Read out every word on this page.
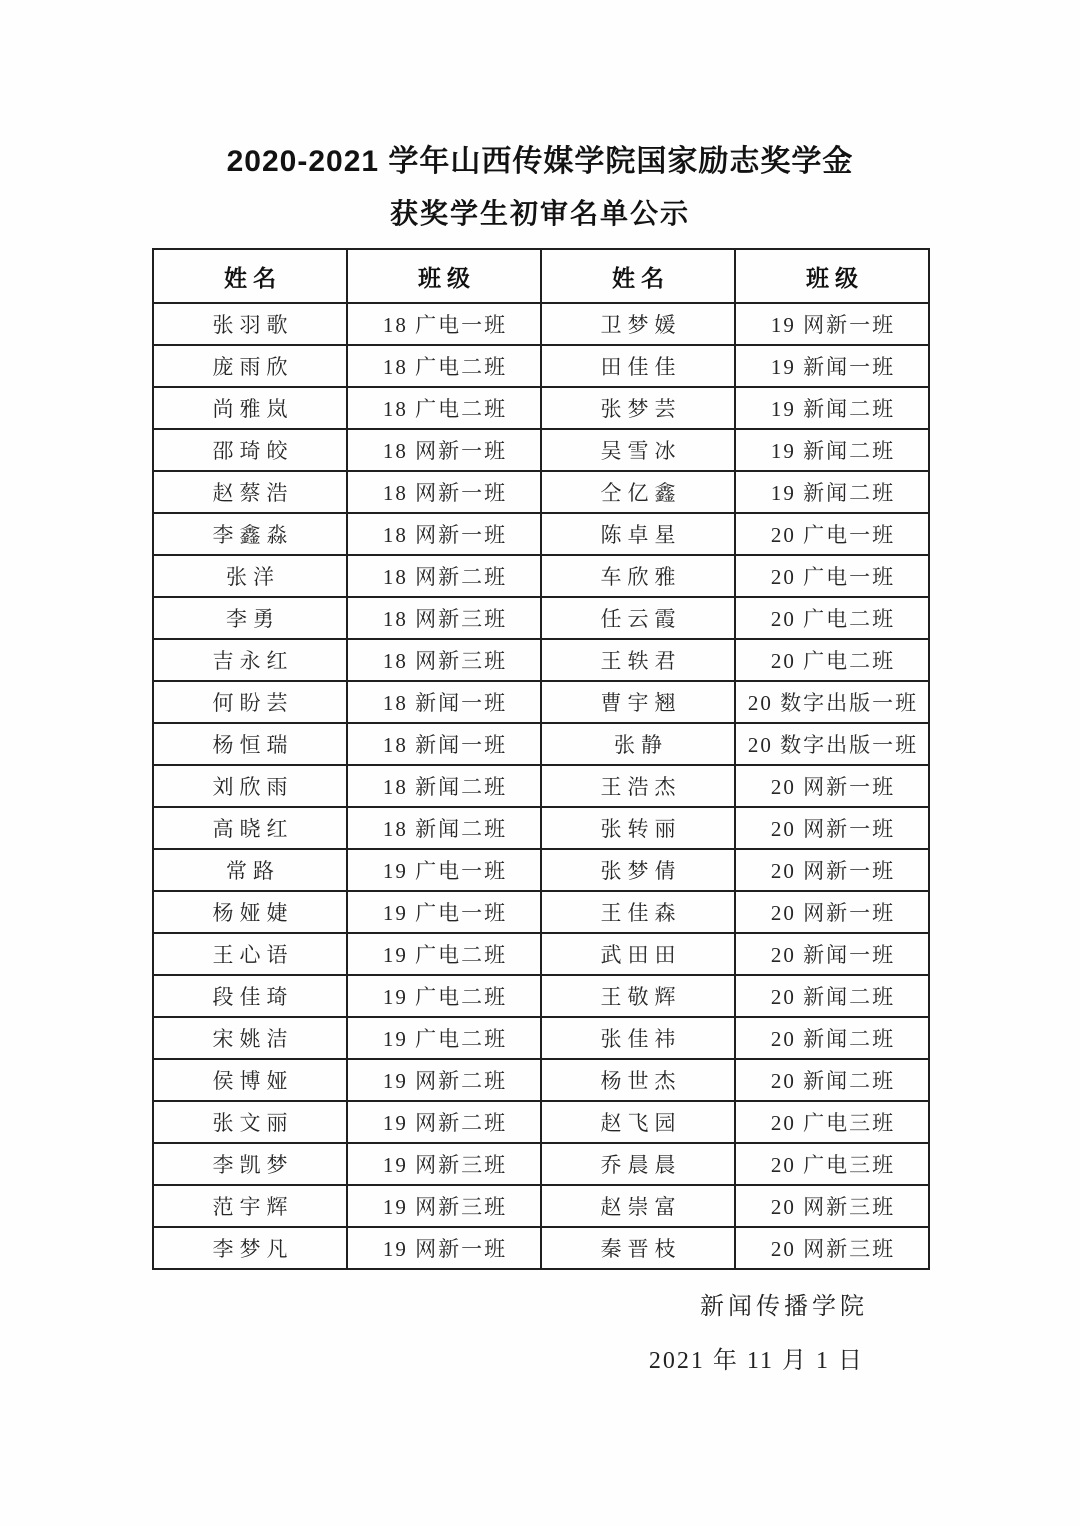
2020-2021 学年山西传媒学院国家励志奖学金
获奖学生初审名单公示
姓名	班级	姓名	班级
张羽歌	18 广电一班	卫梦媛	19 网新一班
庞雨欣	18 广电二班	田佳佳	19 新闻一班
尚雅岚	18 广电二班	张梦芸	19 新闻二班
邵琦皎	18 网新一班	吴雪冰	19 新闻二班
赵蔡浩	18 网新一班	仝亿鑫	19 新闻二班
李鑫淼	18 网新一班	陈卓星	20 广电一班
张洋	18 网新二班	车欣雅	20 广电一班
李勇	18 网新三班	任云霞	20 广电二班
吉永红	18 网新三班	王轶君	20 广电二班
何盼芸	18 新闻一班	曹宇翘	20 数字出版一班
杨恒瑞	18 新闻一班	张静	20 数字出版一班
刘欣雨	18 新闻二班	王浩杰	20 网新一班
高晓红	18 新闻二班	张转丽	20 网新一班
常路	19 广电一班	张梦倩	20 网新一班
杨娅婕	19 广电一班	王佳森	20 网新一班
王心语	19 广电二班	武田田	20 新闻一班
段佳琦	19 广电二班	王敬辉	20 新闻二班
宋姚洁	19 广电二班	张佳祎	20 新闻二班
侯博娅	19 网新二班	杨世杰	20 新闻二班
张文丽	19 网新二班	赵飞园	20 广电三班
李凯梦	19 网新三班	乔晨晨	20 广电三班
范宇辉	19 网新三班	赵崇富	20 网新三班
李梦凡	19 网新一班	秦晋枝	20 网新三班
新闻传播学院
2021 年 11 月 1 日
